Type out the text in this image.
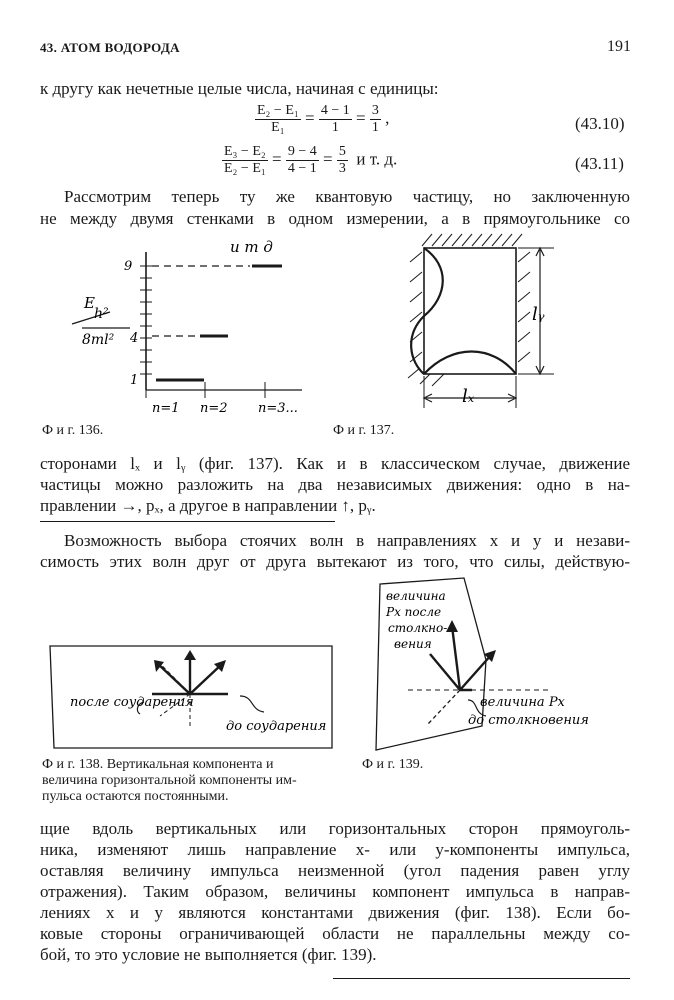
43. АТОМ ВОДОРОДА	191
к другу как нечетные целые числа, начиная с единицы:
$\frac{\text{E₂ − E₁}}{\text{E₁}} = \frac{4 - 1}{1} = \frac{3}{1}$ ,	(43.10)
$\frac{\text{E₃ − E₂}}{\text{E₂ − E₁}} = \frac{9 - 4}{4 - 1} = \frac{5}{3}$ и т. д.	(43.11)
Рассмотрим теперь ту же квантовую частицу, но заключенную
не между двумя стенками в одном измерении, а в прямоугольнике со
E
h²
8ml²
9
4
1
и т д
n=1 n=2 n=3...
Ф и г. 136.
lᵧ
lₓ
Ф и г. 137.
сторонами lₓ и lᵧ (фиг. 137). Как и в классическом случае, движение
частицы можно разложить на два независимых движения: одно в на-
правлении →, pₓ, а другое в направлении ↑, pᵧ.
Возможность выбора стоячих волн в направлениях x и y и незави-
симость этих волн друг от друга вытекают из того, что силы, действую-
после соударения
до соударения
Ф и г. 138. Вертикальная компонента и
величина горизонтальной компоненты им-
пульса остаются постоянными.
величина
Px после
столкно-
вения
величина Px
до столкновения
Ф и г. 139.
щие вдоль вертикальных или горизонтальных сторон прямоуголь-
ника, изменяют лишь направление x- или y-компоненты импульса,
оставляя величину импульса неизменной (угол падения равен углу
отражения). Таким образом, величины компонент импульса в направ-
лениях x и y являются константами движения (фиг. 138). Если бо-
ковые стороны ограничивающей области не параллельны между со-
бой, то это условие не выполняется (фиг. 139).
